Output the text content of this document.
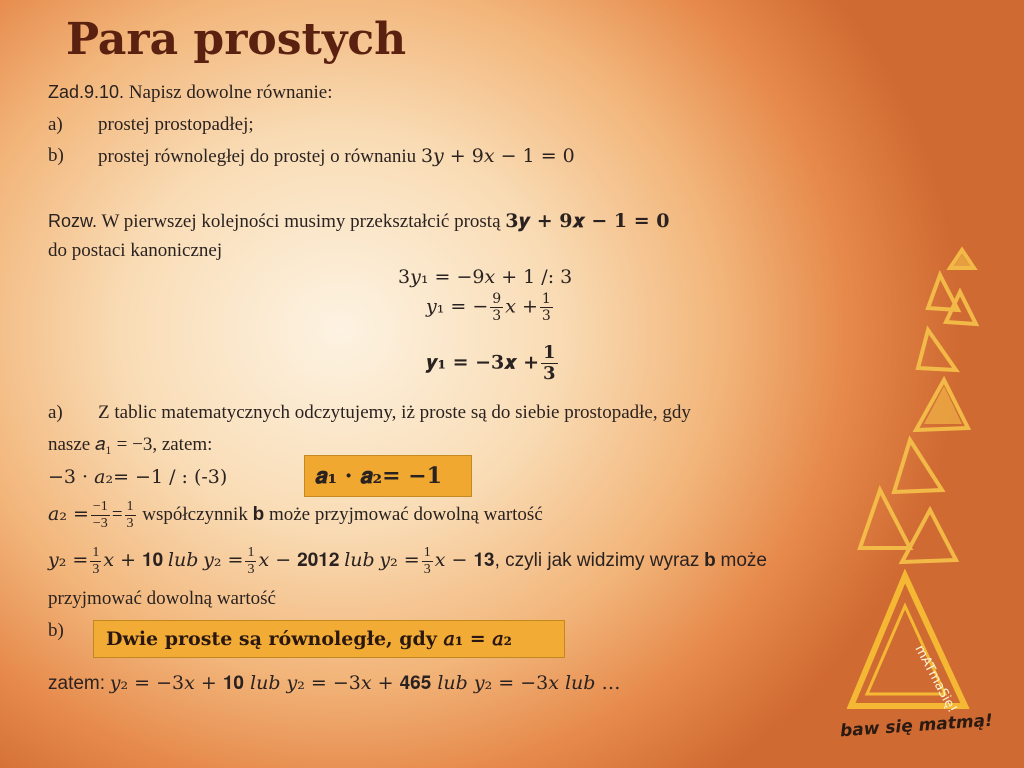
mATmaSię!
baw się matmą!
Para prostych
Zad.9.10. Napisz dowolne równanie:
a) prostej prostopadłej;
b) prostej równoległej do prostej o równaniu 3𝑦 + 9𝑥 − 1 = 0
Rozw. W pierwszej kolejności musimy przekształcić prostą 3𝒚 + 9𝒙 − 𝟏 = 𝟎
do postaci kanonicznej
3𝑦₁ = −9𝑥 + 1 /: 3
𝑦₁ = − $\frac{9}{3}$ 𝑥 + $\frac{1}{3}$
𝒚₁ = −3𝒙 + $\frac{𝟏}{𝟑}$
a) Z tablic matematycznych odczytujemy, iż proste są do siebie prostopadłe, gdy
nasze 𝑎₁ = −3, zatem:
−3 · 𝑎₂= −1 / : (-3)	𝒂₁ · 𝒂₂= −𝟏
𝑎₂ = $\frac{-1}{-3} = \frac{1}{3}$ współczynnik b może przyjmować dowolną wartość
𝑦₂ = $\frac{1}{3}$ 𝑥 + 𝟏𝟎 lub 𝑦₂ = $\frac{1}{3}$ 𝑥 − 𝟐𝟎𝟏𝟐 lub 𝑦₂ = $\frac{1}{3}$ 𝑥 − 𝟏𝟑, czyli jak widzimy wyraz b może
przyjmować dowolną wartość
b) Dwie proste są równoległe, gdy 𝑎₁ = 𝑎₂
zatem: 𝑦₂ = −3𝑥 + 𝟏𝟎 𝑙𝑢𝑏 𝑦₂ = −3𝑥 + 𝟒𝟔𝟓 𝑙𝑢𝑏 𝑦₂ = −3𝑥 𝑙𝑢𝑏 …
